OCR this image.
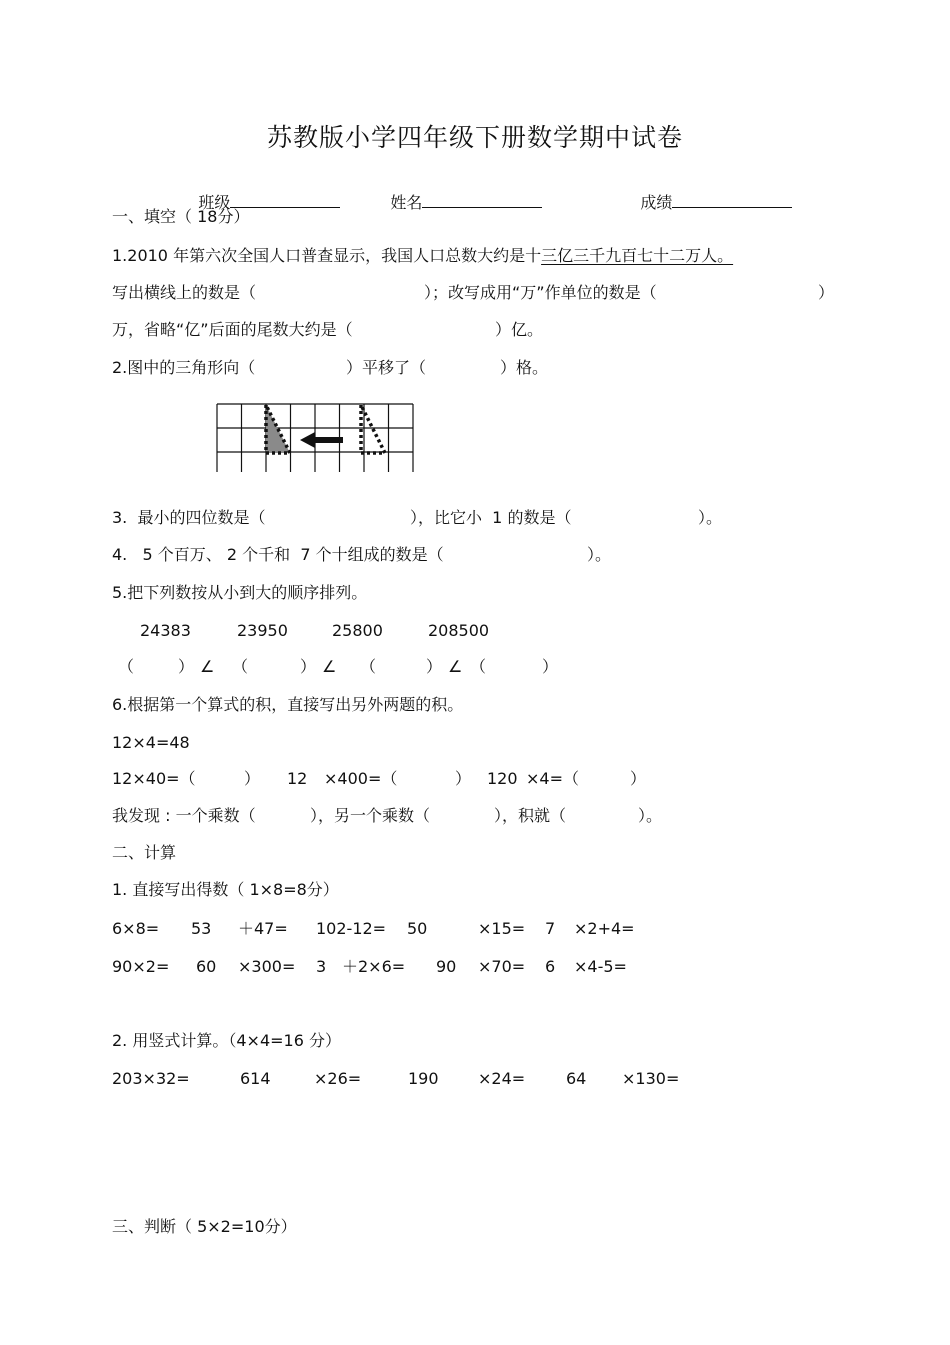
苏教版小学四年级下册数学期中试卷

班级
	姓名
	成绩

一、填空（ 18分）
1.2010 年第六次全国人口普查显示，我国人口总数大约是十三亿三千九百七十二万人。
写出横线上的数是（	）；改写成用“万”作单位的数是（	）
万，省略“亿”后面的尾数大约是（	）亿。
2.图中的三角形向（	）平移了（	）格。
3.  最小的四位数是（	），比它小  1 的数是（	）。
4.   5 个百万、 2 个千和  7 个十组成的数是（	）。
5.把下列数按从小到大的顺序排列。
24383	23950	25800	208500
（	） ∠ （	） ∠ （	） ∠ （	）
6.根据第一个算式的积，直接写出另外两题的积。
12×4=48
12×40=（	） 12 ×400=（	） 120 ×4=（	）
我发现 : 一个乘数（	），另一个乘数（	），积就（	）。
二、计算
1. 直接写出得数（ 1×8=8分）
6×8= 53 ＋47= 102-12= 50	×15= 7 ×2+4=
90×2= 60 ×300= 3 ＋2×6= 90 ×70= 6 ×4-5=
2. 用竖式计算。（4×4=16 分）
203×32=	614	×26=	190 ×24=	64 ×130=
三、判断（ 5×2=10分）
